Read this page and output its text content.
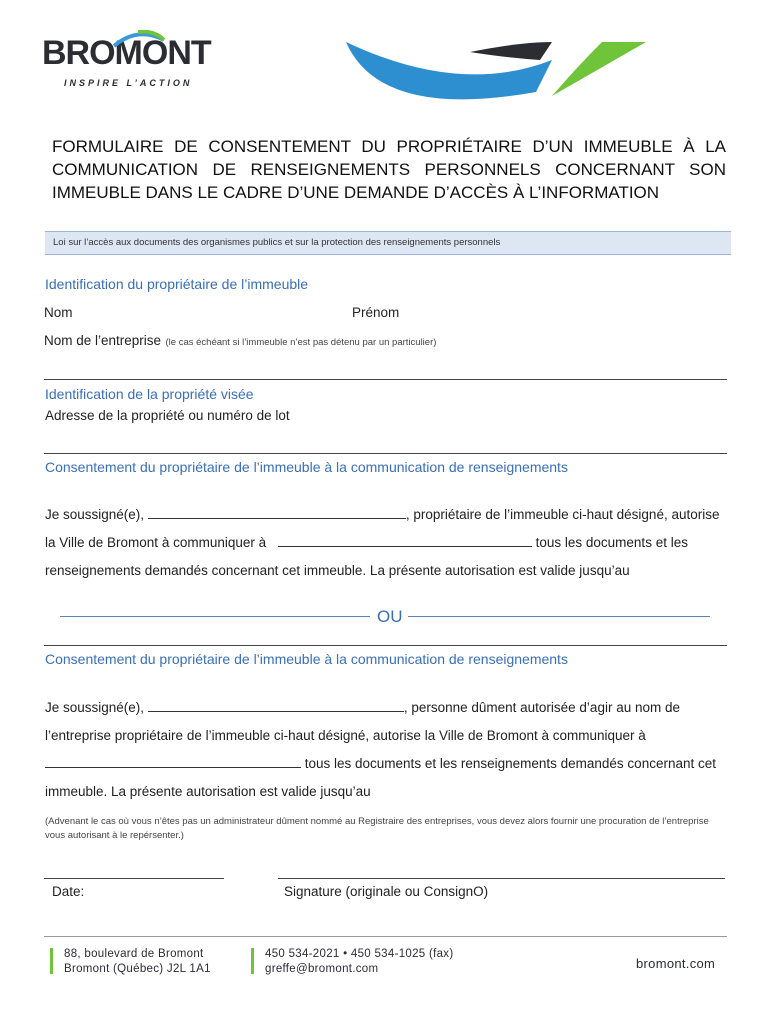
BROMONT
INSPIRE L’ACTION
FORMULAIRE DE CONSENTEMENT DU PROPRIÉTAIRE D’UN IMMEUBLE À LA COMMUNICATION DE RENSEIGNEMENTS PERSONNELS CONCERNANT SON IMMEUBLE DANS LE CADRE D’UNE DEMANDE D’ACCÈS À L’INFORMATION
Loi sur l’accès aux documents des organismes publics et sur la protection des renseignements personnels
Identification du propriétaire de l’immeuble
Nom	Prénom
Nom de l’entreprise (le cas échéant si l’immeuble n’est pas détenu par un particulier)
Identification de la propriété visée
Adresse de la propriété ou numéro de lot
Consentement du propriétaire de l’immeuble à la communication de renseignements
Je soussigné(e),	, propriétaire de l’immeuble ci-haut désigné, autorise
la Ville de Bromont à communiquer à	tous les documents et les
renseignements demandés concernant cet immeuble. La présente autorisation est valide jusqu’au
OU
Consentement du propriétaire de l’immeuble à la communication de renseignements
Je soussigné(e),	, personne dûment autorisée d’agir au nom de
l’entreprise propriétaire de l’immeuble ci-haut désigné, autorise la Ville de Bromont à communiquer à
tous les documents et les renseignements demandés concernant cet
immeuble. La présente autorisation est valide jusqu’au
(Advenant le cas où vous n’êtes pas un administrateur dûment nommé au Registraire des entreprises, vous devez alors fournir une procuration de l’entreprise vous autorisant à le repérsenter.)
Date:	Signature (originale ou ConsignO)
88, boulevard de Bromont
Bromont (Québec) J2L 1A1
450 534-2021 • 450 534-1025 (fax)
greffe@bromont.com	bromont.com
